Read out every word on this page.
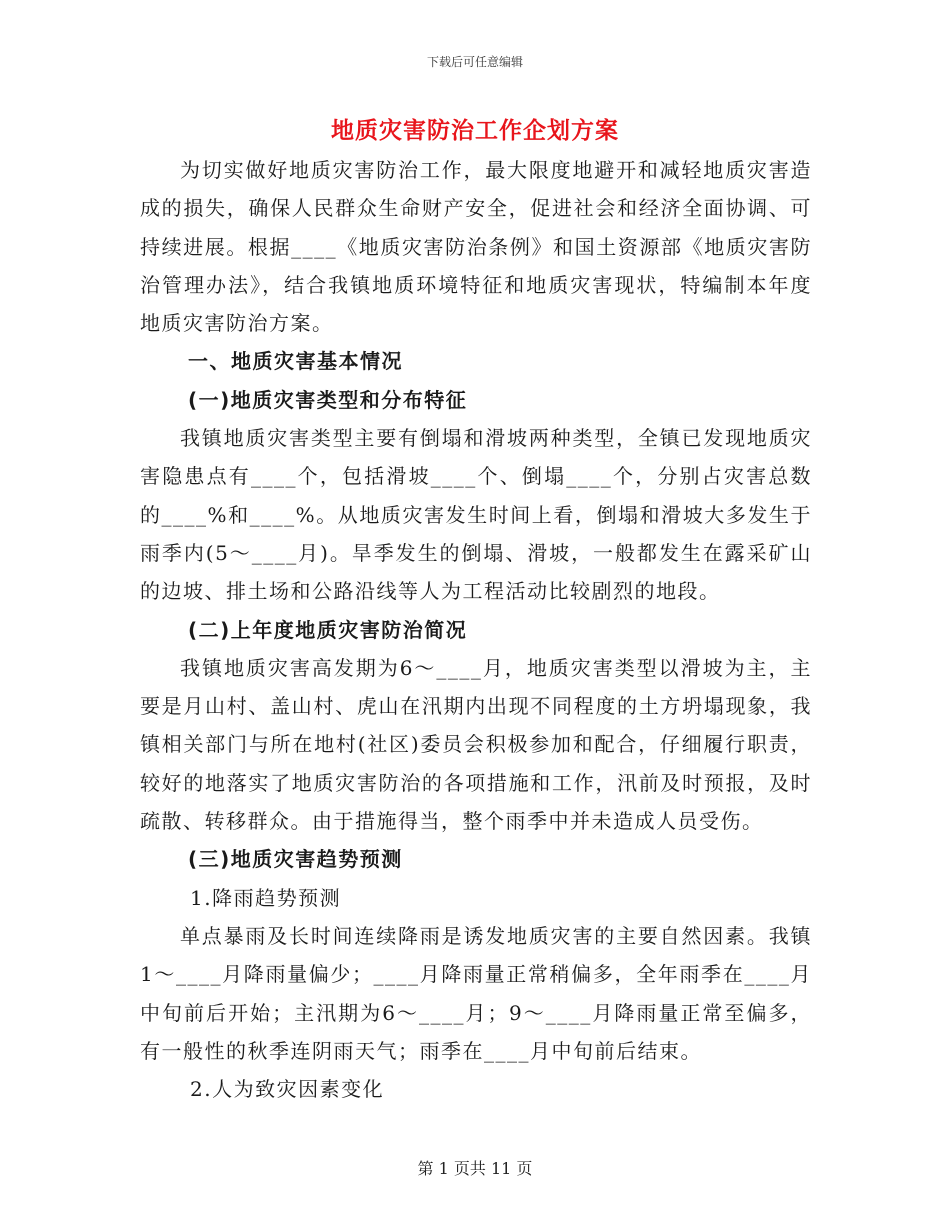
下载后可任意编辑
地质灾害防治工作企划方案

为切实做好地质灾害防治工作，最大限度地避开和减轻地质灾害造成的损失，确保人民群众生命财产安全，促进社会和经济全面协调、可持续进展。根据____《地质灾害防治条例》和国土资源部《地质灾害防治管理办法》，结合我镇地质环境特征和地质灾害现状，特编制本年度地质灾害防治方案。

一、地质灾害基本情况

(一)地质灾害类型和分布特征

我镇地质灾害类型主要有倒塌和滑坡两种类型，全镇已发现地质灾害隐患点有____个，包括滑坡____个、倒塌____个，分别占灾害总数的____%和____%。从地质灾害发生时间上看，倒塌和滑坡大多发生于雨季内(5～____月)。旱季发生的倒塌、滑坡，一般都发生在露采矿山的边坡、排土场和公路沿线等人为工程活动比较剧烈的地段。

(二)上年度地质灾害防治简况

我镇地质灾害高发期为6～____月，地质灾害类型以滑坡为主，主要是月山村、盖山村、虎山在汛期内出现不同程度的土方坍塌现象，我镇相关部门与所在地村(社区)委员会积极参加和配合，仔细履行职责，较好的地落实了地质灾害防治的各项措施和工作，汛前及时预报，及时疏散、转移群众。由于措施得当，整个雨季中并未造成人员受伤。

(三)地质灾害趋势预测

1.降雨趋势预测

单点暴雨及长时间连续降雨是诱发地质灾害的主要自然因素。我镇1～____月降雨量偏少；____月降雨量正常稍偏多，全年雨季在____月中旬前后开始；主汛期为6～____月；9～____月降雨量正常至偏多，有一般性的秋季连阴雨天气；雨季在____月中旬前后结束。

2.人为致灾因素变化

第 1 页共 11 页
